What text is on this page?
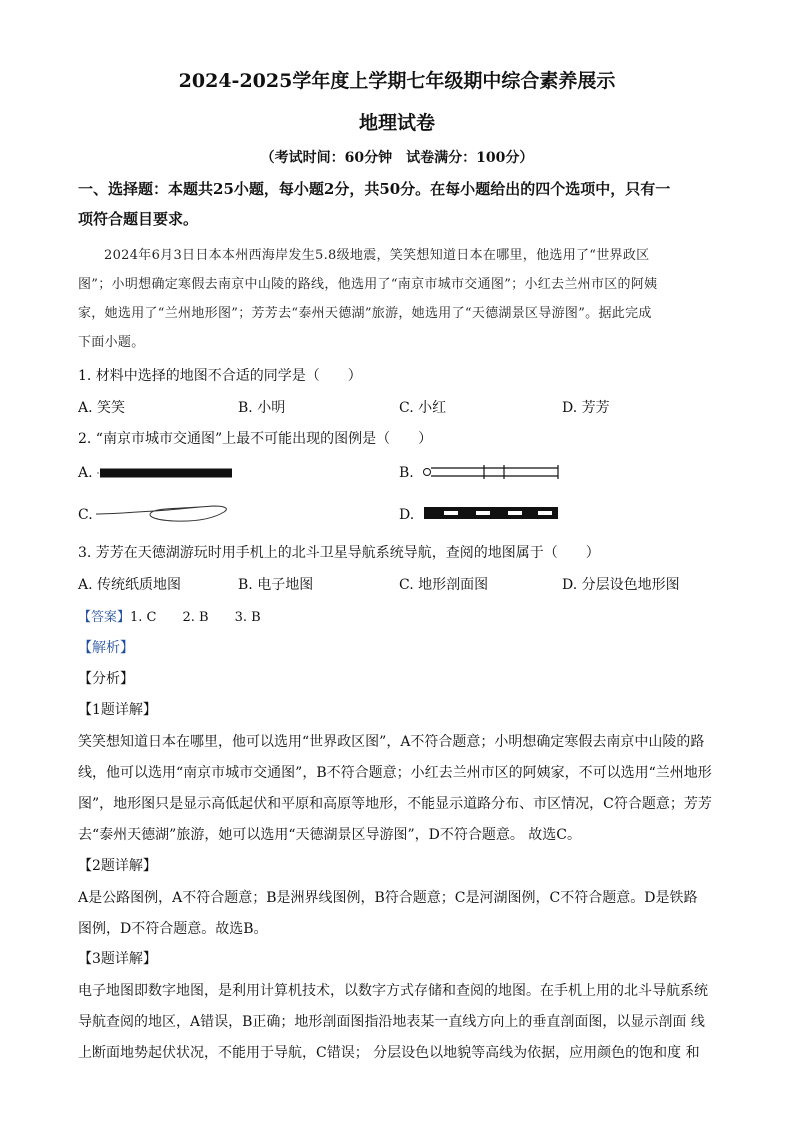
2024-2025学年度上学期七年级期中综合素养展示
地理试卷
（考试时间：60分钟　试卷满分：100分）
一、选择题：本题共25小题，每小题2分，共50分。在每小题给出的四个选项中，只有一
项符合题目要求。
2024年6月3日日本本州西海岸发生5.8级地震，笑笑想知道日本在哪里，他选用了“世界政区
图”；小明想确定寒假去南京中山陵的路线，他选用了“南京市城市交通图”；小红去兰州市区的阿姨
家，她选用了“兰州地形图”；芳芳去“泰州天德湖”旅游，她选用了“天德湖景区导游图”。据此完成
下面小题。
1. 材料中选择的地图不合适的同学是（　　）
A. 笑笑	B. 小明	C. 小红	D. 芳芳
2. “南京市城市交通图”上最不可能出现的图例是（　　）
A.	B.
C.	D.
3. 芳芳在天德湖游玩时用手机上的北斗卫星导航系统导航，查阅的地图属于（　　）
A. 传统纸质地图	B. 电子地图	C. 地形剖面图	D. 分层设色地形图
【答案】1. C　　2. B　　3. B
【解析】
【分析】
【1题详解】
笑笑想知道日本在哪里，他可以选用“世界政区图”，A不符合题意；小明想确定寒假去南京中山陵的路
线，他可以选用“南京市城市交通图”，B不符合题意；小红去兰州市区的阿姨家，不可以选用“兰州地形
图”，地形图只是显示高低起伏和平原和高原等地形，不能显示道路分布、市区情况，C符合题意；芳芳
去“泰州天德湖”旅游，她可以选用“天德湖景区导游图”，D不符合题意。 故选C。
【2题详解】
A是公路图例，A不符合题意；B是洲界线图例，B符合题意；C是河湖图例，C不符合题意。D是铁路
图例，D不符合题意。故选B。
【3题详解】
电子地图即数字地图，是利用计算机技术，以数字方式存储和查阅的地图。在手机上用的北斗导航系统
导航查阅的地区，A错误，B正确；地形剖面图指沿地表某一直线方向上的垂直剖面图，以显示剖面 线
上断面地势起伏状况，不能用于导航，C错误； 分层设色以地貌等高线为依据，应用颜色的饱和度 和
